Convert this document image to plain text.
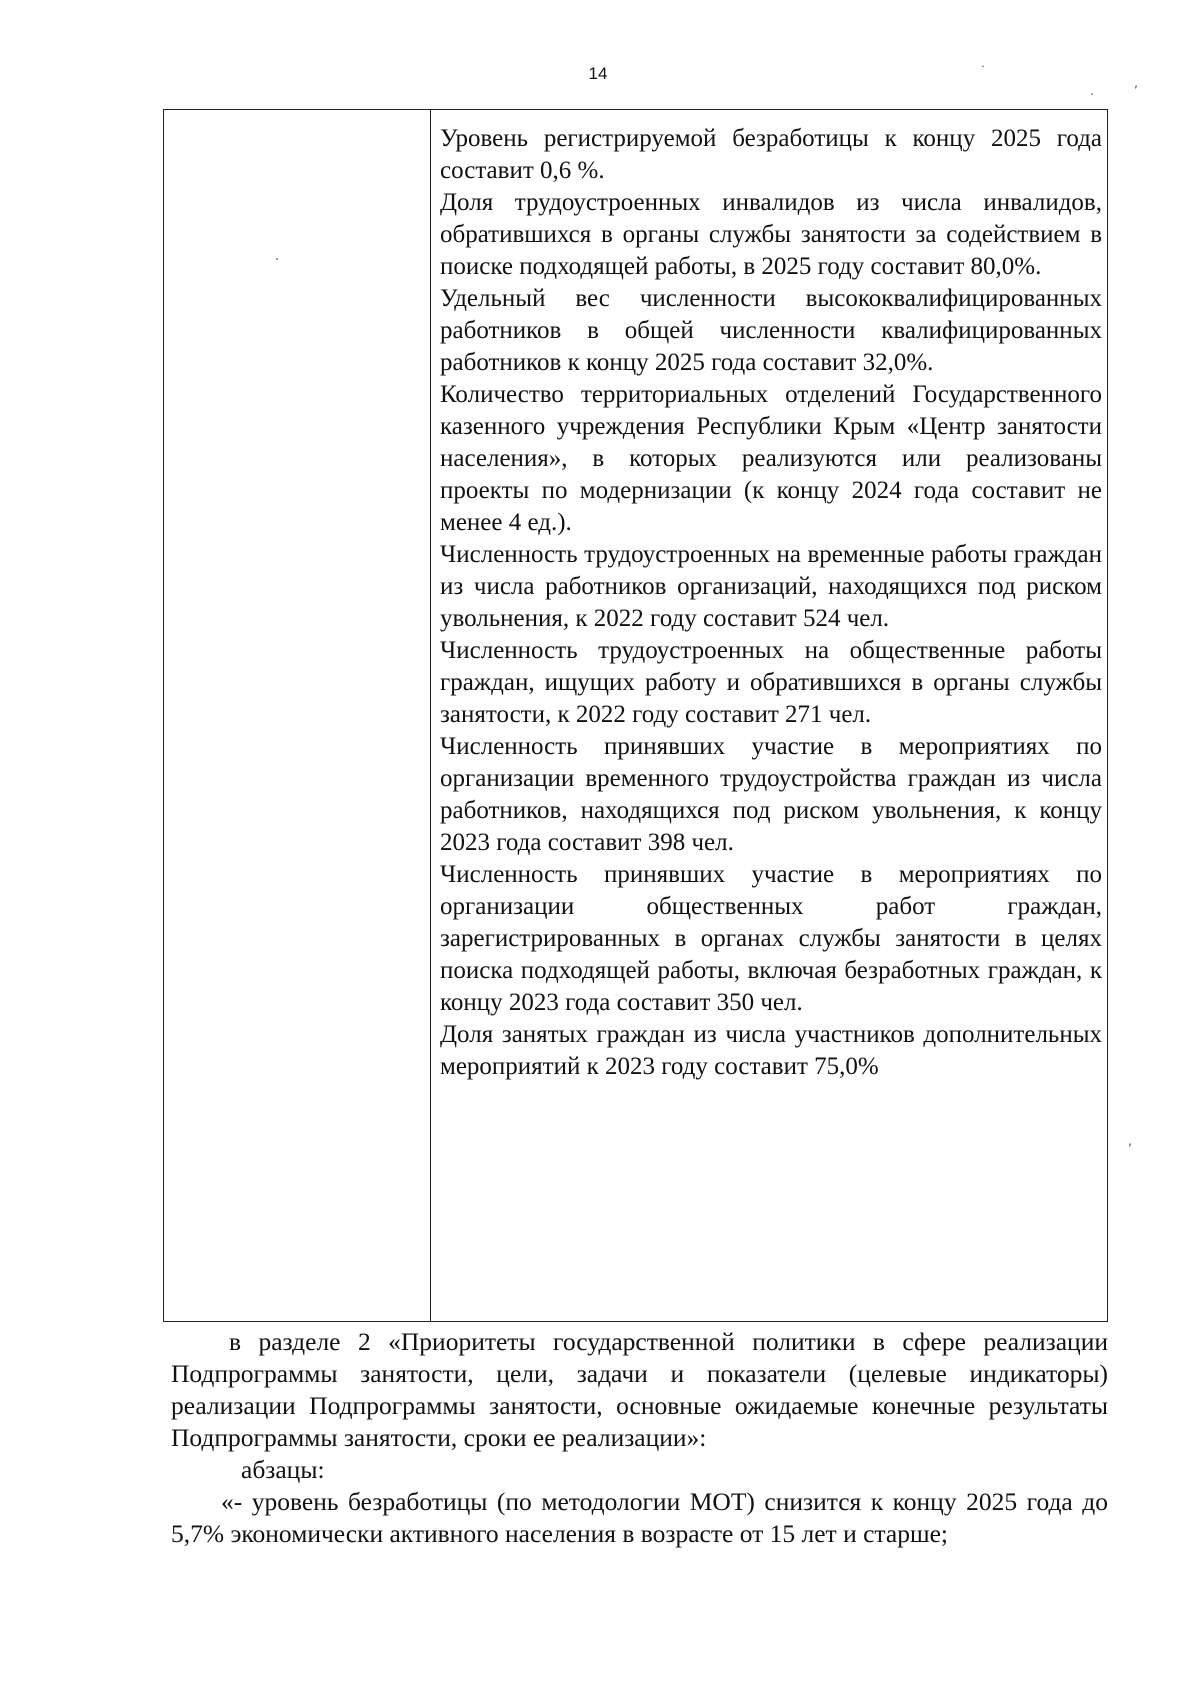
14	˙
‚
.
‚

Уровень регистрируемой безработицы к концу 2025 года составит 0,6 %.

Доля трудоустроенных инвалидов из числа инвалидов, обратившихся в органы службы занятости за содействием в поиске подходящей работы, в 2025 году составит 80,0%.

Удельный вес численности высококвалифицированных работников в общей численности квалифицированных работников к концу 2025 года составит 32,0%.

Количество территориальных отделений Государственного казенного учреждения Республики Крым «Центр занятости населения», в которых реализуются или реализованы проекты по модернизации (к концу 2024 года составит не менее 4 ед.).

Численность трудоустроенных на временные работы граждан из числа работников организаций, находящихся под риском увольнения, к 2022 году составит 524 чел.

Численность трудоустроенных на общественные работы граждан, ищущих работу и обратившихся в органы службы занятости, к 2022 году составит 271 чел.

Численность принявших участие в мероприятиях по организации временного трудоустройства граждан из числа работников, находящихся под риском увольнения, к концу 2023 года составит 398 чел.

Численность принявших участие в мероприятиях по организации общественных работ граждан, зарегистрированных в органах службы занятости в целях поиска подходящей работы, включая безработных граждан, к концу 2023 года составит 350 чел.

Доля занятых граждан из числа участников дополнительных мероприятий к 2023 году составит 75,0%

в разделе 2 «Приоритеты государственной политики в сфере реализации Подпрограммы занятости, цели, задачи и показатели (целевые индикаторы) реализации Подпрограммы занятости, основные ожидаемые конечные результаты Подпрограммы занятости, сроки ее реализации»:

абзацы:

«- уровень безработицы (по методологии МОТ) снизится к концу 2025 года до 5,7% экономически активного населения в возрасте от 15 лет и старше;
